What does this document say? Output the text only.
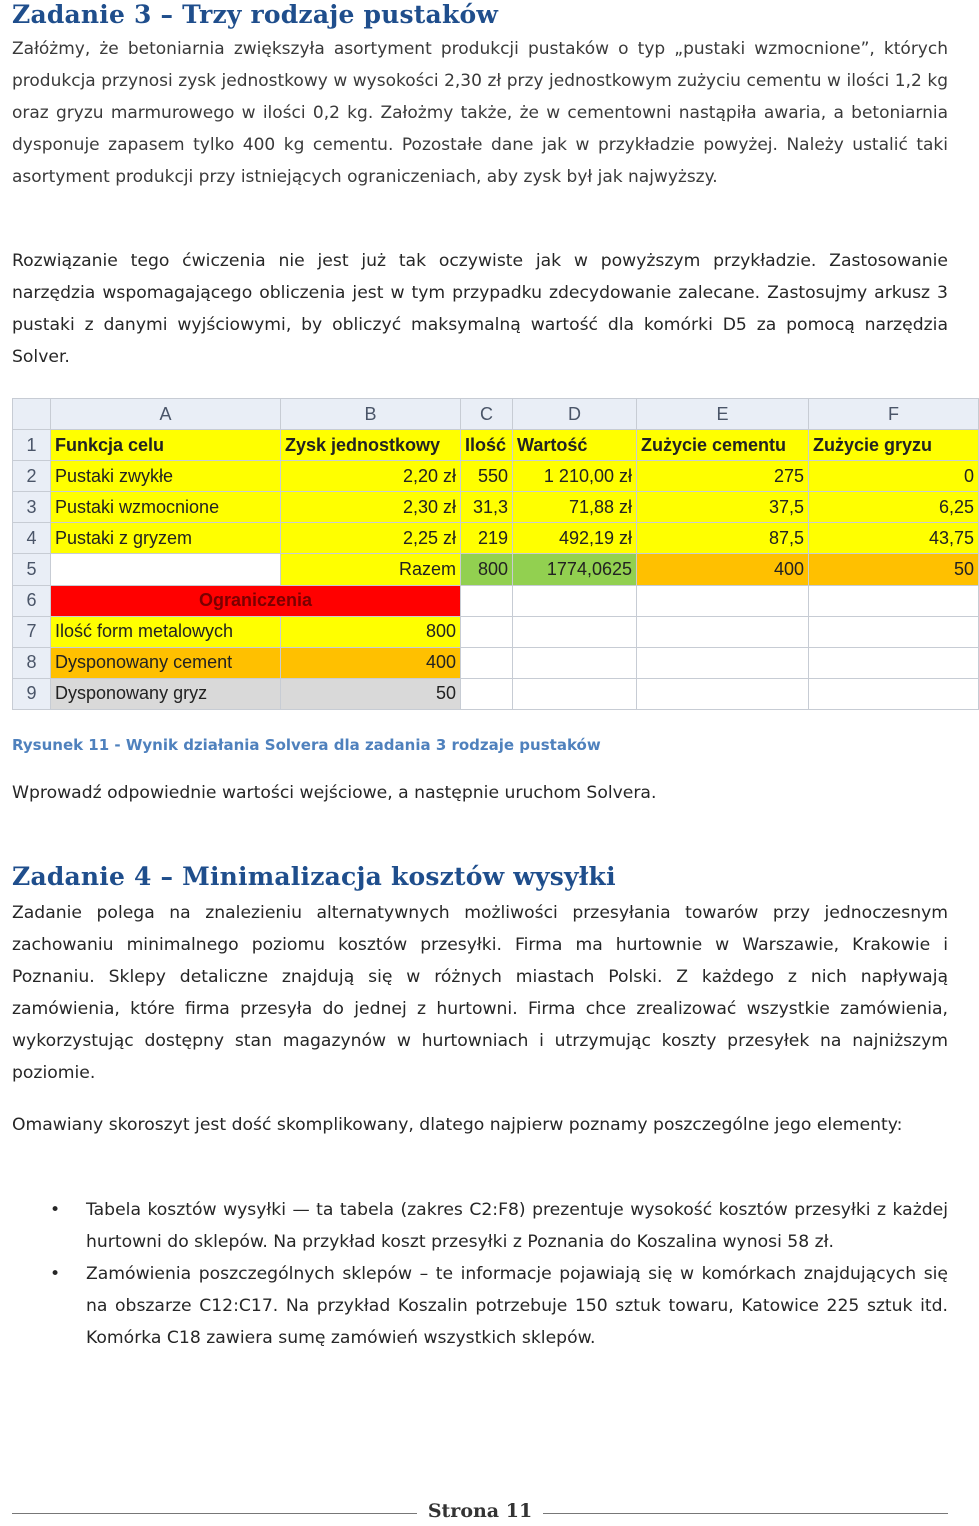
Zadanie 3 – Trzy rodzaje pustaków

Załóżmy, że betoniarnia zwiększyła asortyment produkcji pustaków o typ „pustaki wzmocnione”, których produkcja przynosi zysk jednostkowy w wysokości 2,30 zł przy jednostkowym zużyciu cementu w ilości 1,2 kg oraz gryzu marmurowego w ilości 0,2 kg. Założmy także, że w cementowni nastąpiła awaria, a betoniarnia dysponuje zapasem tylko 400 kg cementu. Pozostałe dane jak w przykładzie powyżej. Należy ustalić taki asortyment produkcji przy istniejących ograniczeniach, aby zysk był jak najwyższy.

Rozwiązanie tego ćwiczenia nie jest już tak oczywiste jak w powyższym przykładzie. Zastosowanie narzędzia wspomagającego obliczenia jest w tym przypadku zdecydowanie zalecane. Zastosujmy arkusz 3 pustaki z danymi wyjściowymi, by obliczyć maksymalną wartość dla komórki D5 za pomocą narzędzia Solver.

	A	B	C	D	E	F
1	Funkcja celu	Zysk jednostkowy	Ilość	Wartość	Zużycie cementu	Zużycie gryzu
2	Pustaki zwykłe	2,20 zł	550	1 210,00 zł	275	0
3	Pustaki wzmocnione	2,30 zł	31,3	71,88 zł	37,5	6,25
4	Pustaki z gryzem	2,25 zł	219	492,19 zł	87,5	43,75
5		Razem	800	1774,0625	400	50
6	Ograniczenia					
7	Ilość form metalowych	800				
8	Dysponowany cement	400				
9	Dysponowany gryz	50				

Rysunek 11 - Wynik działania Solvera dla zadania 3 rodzaje pustaków

Wprowadź odpowiednie wartości wejściowe, a następnie uruchom Solvera.

Zadanie 4 – Minimalizacja kosztów wysyłki

Zadanie polega na znalezieniu alternatywnych możliwości przesyłania towarów przy jednoczesnym zachowaniu minimalnego poziomu kosztów przesyłki. Firma ma hurtownie w Warszawie, Krakowie i Poznaniu. Sklepy detaliczne znajdują się w różnych miastach Polski. Z każdego z nich napływają zamówienia, które firma przesyła do jednej z hurtowni. Firma chce zrealizować wszystkie zamówienia, wykorzystując dostępny stan magazynów w hurtowniach i utrzymując koszty przesyłek na najniższym poziomie.

Omawiany skoroszyt jest dość skomplikowany, dlatego najpierw poznamy poszczególne jego elementy:

• Tabela kosztów wysyłki — ta tabela (zakres C2:F8) prezentuje wysokość kosztów przesyłki z każdej hurtowni do sklepów. Na przykład koszt przesyłki z Poznania do Koszalina wynosi 58 zł.
• Zamówienia poszczególnych sklepów – te informacje pojawiają się w komórkach znajdujących się na obszarze C12:C17. Na przykład Koszalin potrzebuje 150 sztuk towaru, Katowice 225 sztuk itd. Komórka C18 zawiera sumę zamówień wszystkich sklepów.
Strona 11
